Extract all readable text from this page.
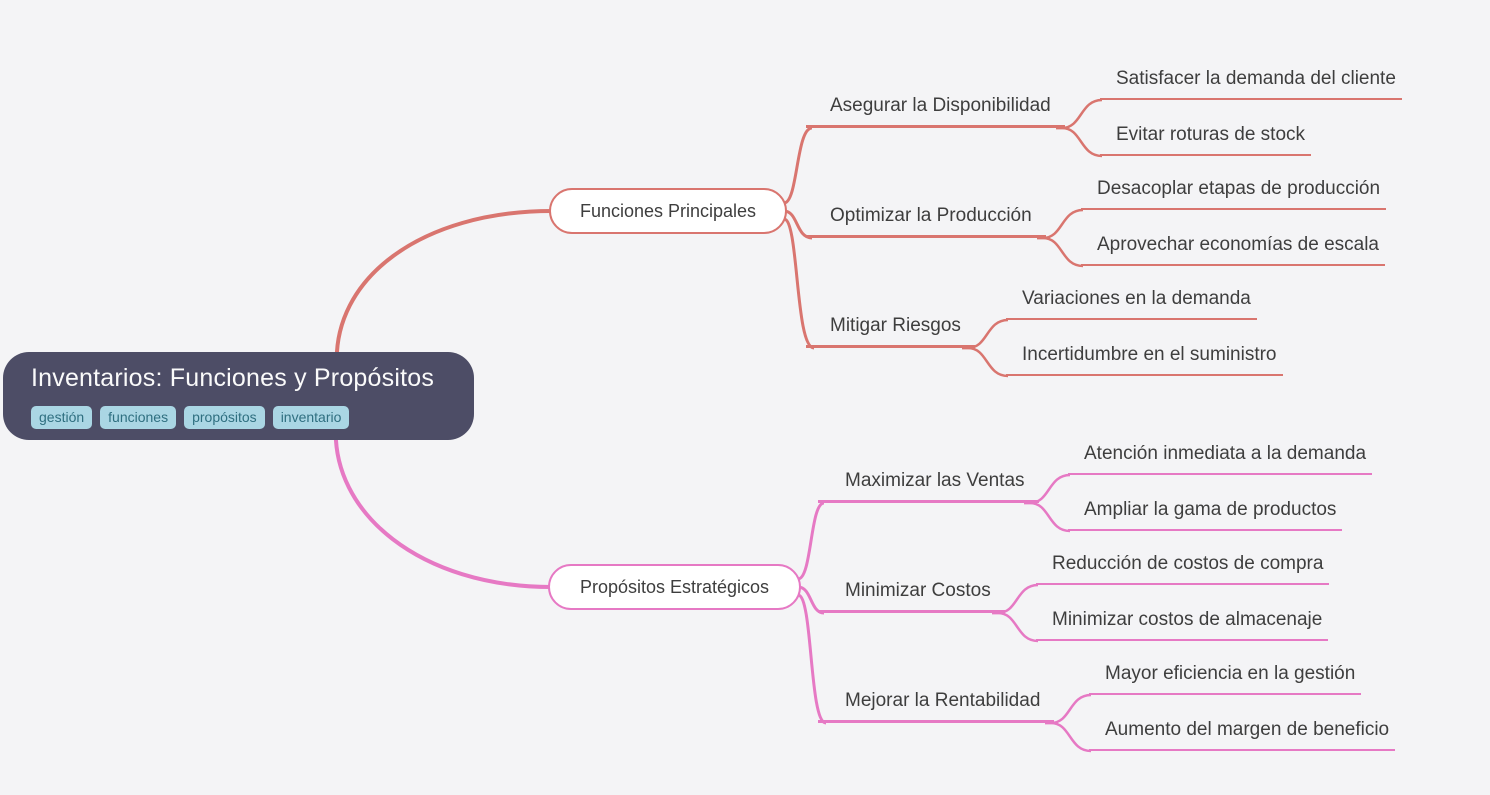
Inventarios: Funciones y Propósitos
gestión	funciones	propósitos	inventario
Funciones Principales
Propósitos Estratégicos
Asegurar la Disponibilidad
Optimizar la Producción
Mitigar Riesgos
Satisfacer la demanda del cliente
Evitar roturas de stock
Desacoplar etapas de producción
Aprovechar economías de escala
Variaciones en la demanda
Incertidumbre en el suministro
Maximizar las Ventas
Minimizar Costos
Mejorar la Rentabilidad
Atención inmediata a la demanda
Ampliar la gama de productos
Reducción de costos de compra
Minimizar costos de almacenaje
Mayor eficiencia en la gestión
Aumento del margen de beneficio
